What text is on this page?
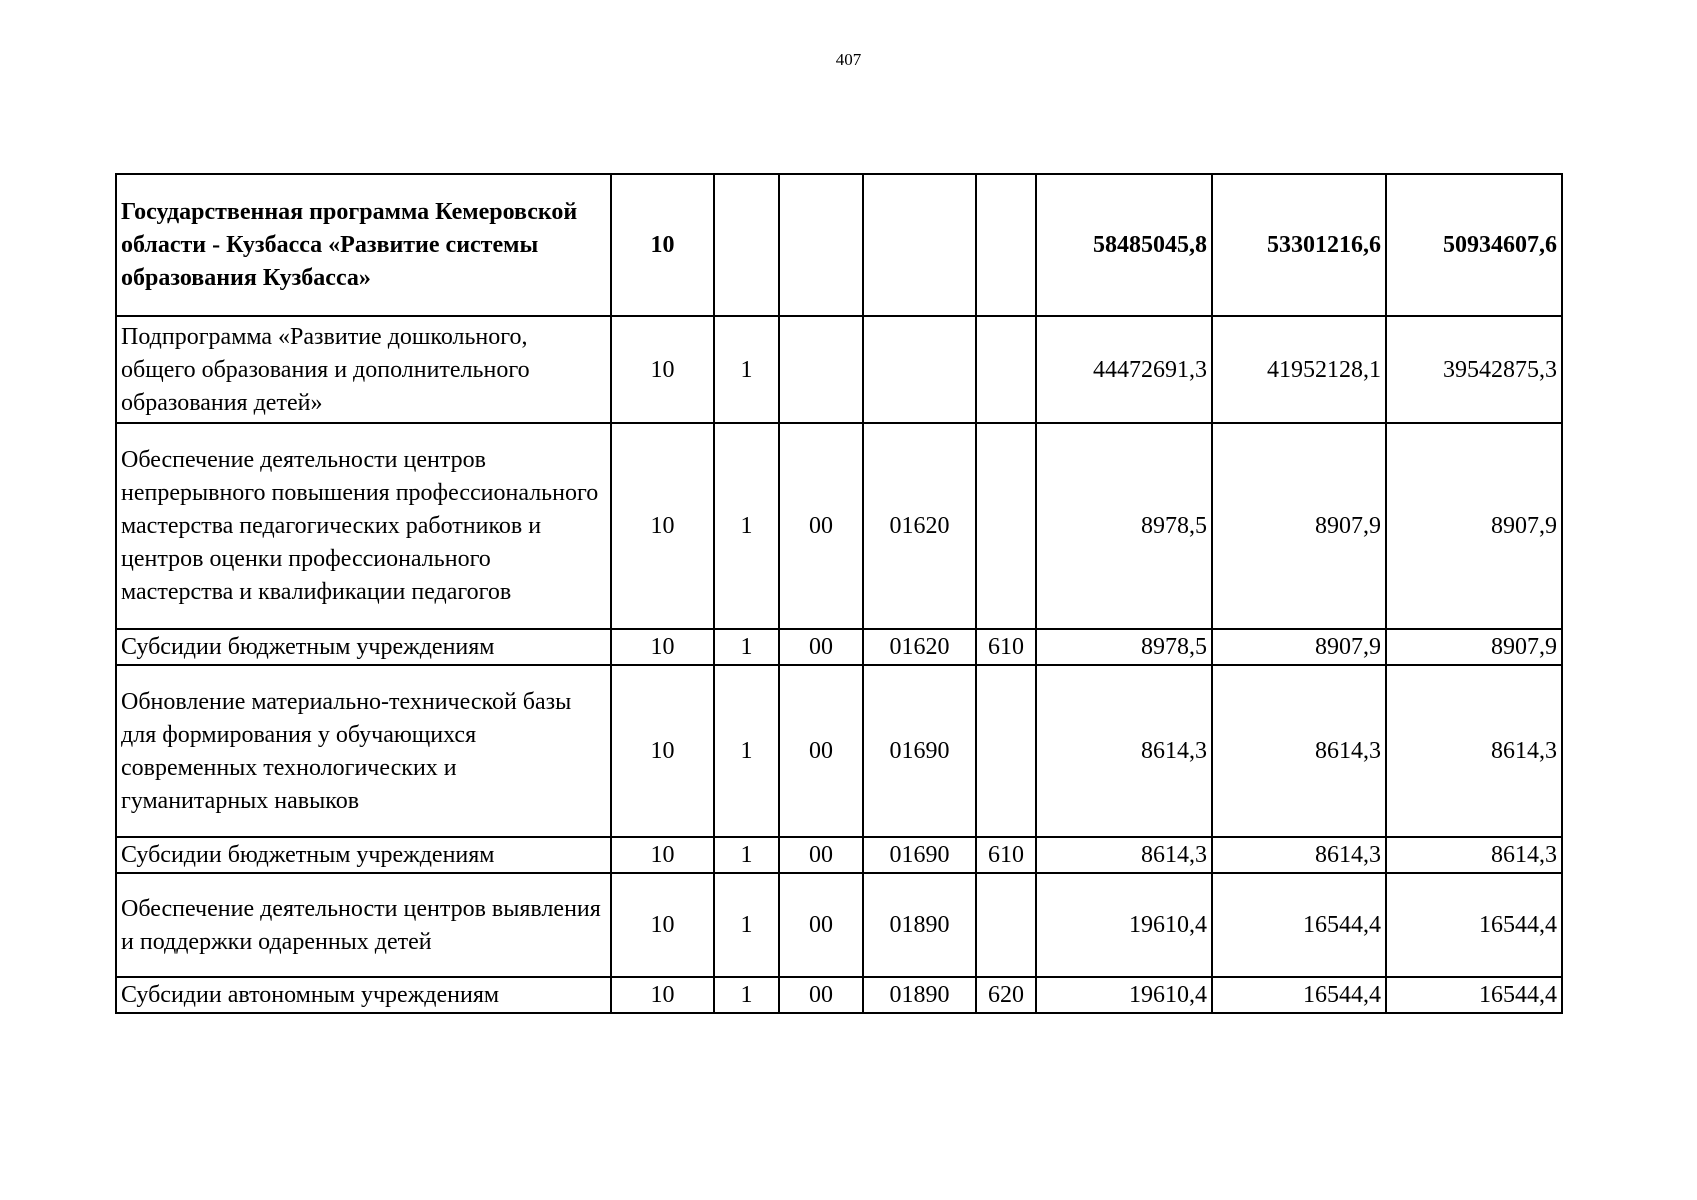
407
Государственная программа Кемеровской области - Кузбасса «Развитие системы образования Кузбасса»	10					58485045,8	53301216,6	50934607,6
Подпрограмма «Развитие дошкольного, общего образования и дополнительного образования детей»	10	1				44472691,3	41952128,1	39542875,3
Обеспечение деятельности центров непрерывного повышения профессионального мастерства педагогических работников и центров оценки профессионального мастерства и квалификации педагогов	10	1	00	01620		8978,5	8907,9	8907,9
Субсидии бюджетным учреждениям	10	1	00	01620	610	8978,5	8907,9	8907,9
Обновление материально-технической базы для формирования у обучающихся современных технологических и гуманитарных навыков	10	1	00	01690		8614,3	8614,3	8614,3
Субсидии бюджетным учреждениям	10	1	00	01690	610	8614,3	8614,3	8614,3
Обеспечение деятельности центров выявления и поддержки одаренных детей	10	1	00	01890		19610,4	16544,4	16544,4
Субсидии автономным учреждениям	10	1	00	01890	620	19610,4	16544,4	16544,4
